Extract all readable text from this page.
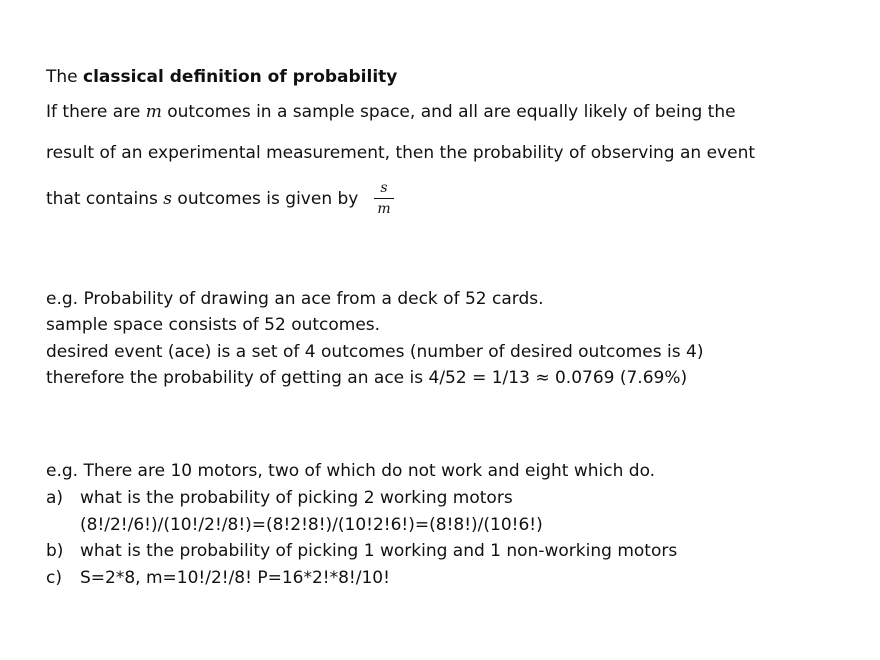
The classical definition of probability
If there are m outcomes in a sample space, and all are equally likely of being the
result of an experimental measurement, then the probability of observing an event
that contains s outcomes is given by
s
m
e.g. Probability of drawing an ace from a deck of 52 cards.
sample space consists of 52 outcomes.
desired event (ace) is a set of 4 outcomes (number of desired outcomes is 4)
therefore the probability of getting an ace is 4/52 = 1/13 ≈ 0.0769 (7.69%)
e.g. There are 10 motors, two of which do not work and eight which do.
a) what is the probability of picking 2 working motors
(8!/2!/6!)/(10!/2!/8!)=(8!2!8!)/(10!2!6!)=(8!8!)/(10!6!)
b) what is the probability of picking 1 working and 1 non-working motors
c)	S=2*8, m=10!/2!/8! P=16*2!*8!/10!
